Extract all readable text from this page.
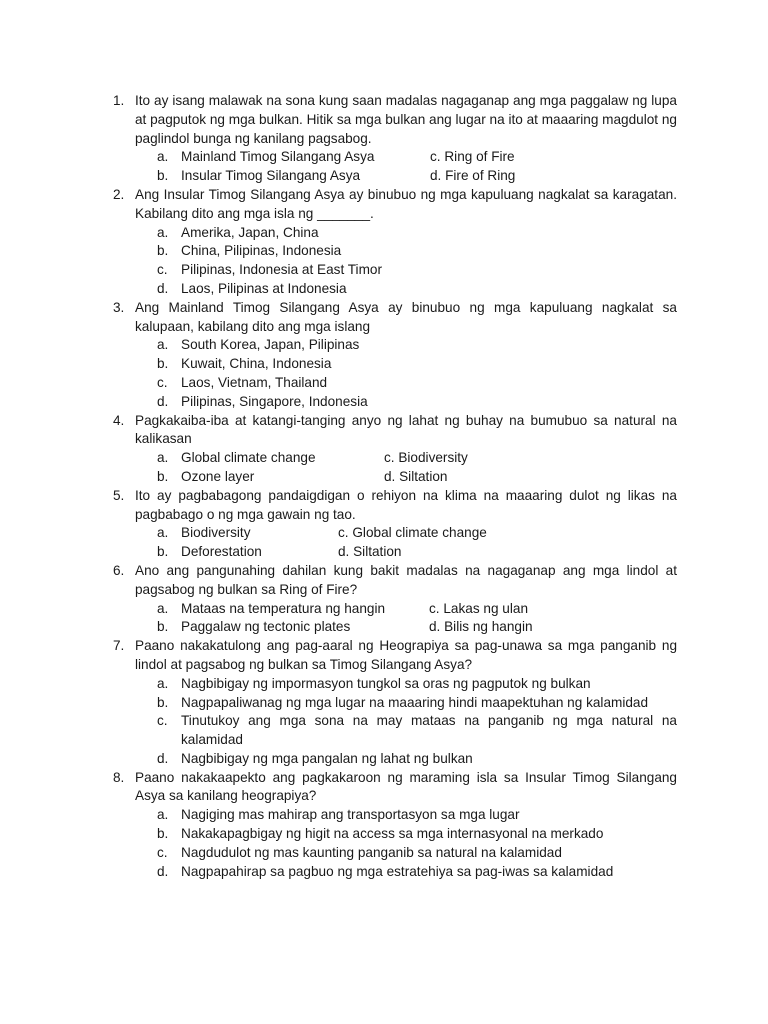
1. Ito ay isang malawak na sona kung saan madalas nagaganap ang mga paggalaw ng lupa at pagputok ng mga bulkan. Hitik sa mga bulkan ang lugar na ito at maaaring magdulot ng paglindol bunga ng kanilang pagsabog.
a. Mainland Timog Silangang Asya	c. Ring of Fire
b. Insular Timog Silangang Asya	d. Fire of Ring
2. Ang Insular Timog Silangang Asya ay binubuo ng mga kapuluang nagkalat sa karagatan. Kabilang dito ang mga isla ng _______.
a. Amerika, Japan, China
b. China, Pilipinas, Indonesia
c. Pilipinas, Indonesia at East Timor
d. Laos, Pilipinas at Indonesia
3. Ang Mainland Timog Silangang Asya ay binubuo ng mga kapuluang nagkalat sa kalupaan, kabilang dito ang mga islang
a. South Korea, Japan, Pilipinas
b. Kuwait, China, Indonesia
c. Laos, Vietnam, Thailand
d. Pilipinas, Singapore, Indonesia
4. Pagkakaiba-iba at katangi-tanging anyo ng lahat ng buhay na bumubuo sa natural na kalikasan
a. Global climate change	c. Biodiversity
b. Ozone layer	d. Siltation
5. Ito ay pagbabagong pandaigdigan o rehiyon na klima na maaaring dulot ng likas na pagbabago o ng mga gawain ng tao.
a. Biodiversity	c. Global climate change
b. Deforestation	d. Siltation
6. Ano ang pangunahing dahilan kung bakit madalas na nagaganap ang mga lindol at pagsabog ng bulkan sa Ring of Fire?
a. Mataas na temperatura ng hangin	c. Lakas ng ulan
b. Paggalaw ng tectonic plates	d. Bilis ng hangin
7. Paano nakakatulong ang pag-aaral ng Heograpiya sa pag-unawa sa mga panganib ng lindol at pagsabog ng bulkan sa Timog Silangang Asya?
a. Nagbibigay ng impormasyon tungkol sa oras ng pagputok ng bulkan
b. Nagpapaliwanag ng mga lugar na maaaring hindi maapektuhan ng kalamidad
c. Tinutukoy ang mga sona na may mataas na panganib ng mga natural na kalamidad
d. Nagbibigay ng mga pangalan ng lahat ng bulkan
8. Paano nakakaapekto ang pagkakaroon ng maraming isla sa Insular Timog Silangang Asya sa kanilang heograpiya?
a. Nagiging mas mahirap ang transportasyon sa mga lugar
b. Nakakapagbigay ng higit na access sa mga internasyonal na merkado
c. Nagdudulot ng mas kaunting panganib sa natural na kalamidad
d. Nagpapahirap sa pagbuo ng mga estratehiya sa pag-iwas sa kalamidad
